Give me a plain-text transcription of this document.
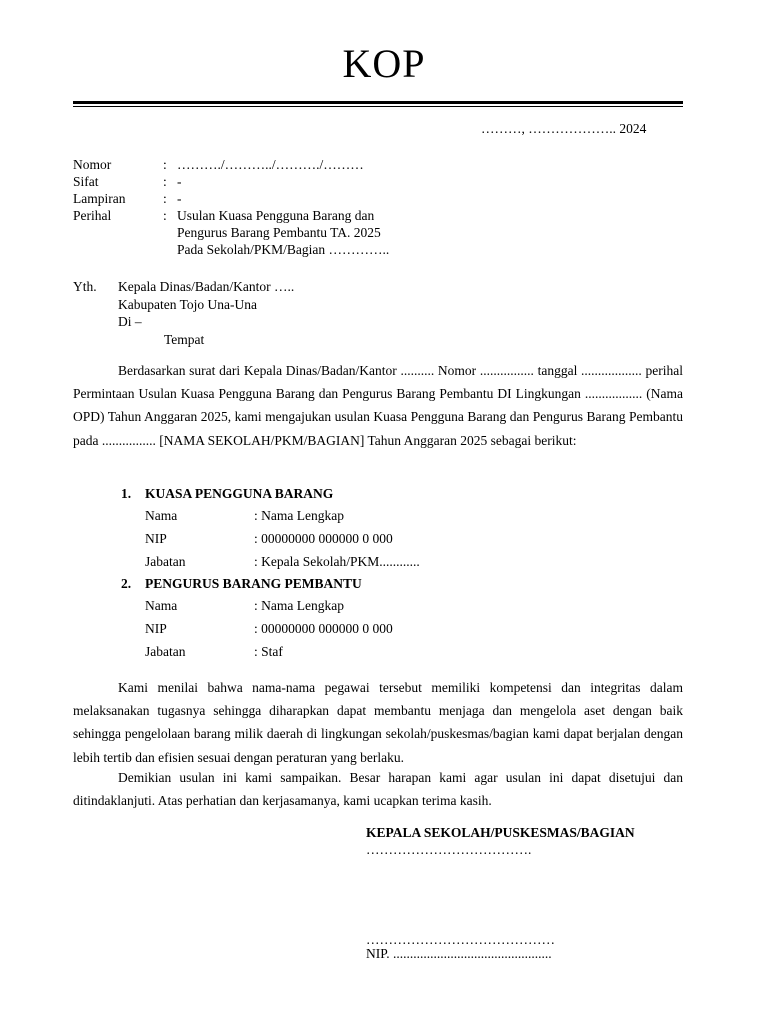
KOP
………, ……………….. 2024
Nomor	: ………./………../………./………
Sifat	: -
Lampiran	: -
Perihal	: Usulan Kuasa Pengguna Barang dan
Pengurus Barang Pembantu TA. 2025
Pada Sekolah/PKM/Bagian …………..
Yth. Kepala Dinas/Badan/Kantor …..
Kabupaten Tojo Una-Una
Di –
Tempat
Berdasarkan surat dari Kepala Dinas/Badan/Kantor .......... Nomor ................ tanggal .................. perihal Permintaan Usulan Kuasa Pengguna Barang dan Pengurus Barang Pembantu DI Lingkungan ................. (Nama OPD) Tahun Anggaran 2025, kami mengajukan usulan Kuasa Pengguna Barang dan Pengurus Barang Pembantu pada ................ [NAMA SEKOLAH/PKM/BAGIAN] Tahun Anggaran 2025 sebagai berikut:
1. KUASA PENGGUNA BARANG
Nama	: Nama Lengkap
NIP	: 00000000 000000 0 000
Jabatan	: Kepala Sekolah/PKM............
2. PENGURUS BARANG PEMBANTU
Nama	: Nama Lengkap
NIP	: 00000000 000000 0 000
Jabatan	: Staf
Kami menilai bahwa nama-nama pegawai tersebut memiliki kompetensi dan integritas dalam melaksanakan tugasnya sehingga diharapkan dapat membantu menjaga dan mengelola aset dengan baik sehingga pengelolaan barang milik daerah di lingkungan sekolah/puskesmas/bagian kami dapat berjalan dengan lebih tertib dan efisien sesuai dengan peraturan yang berlaku.
Demikian usulan ini kami sampaikan. Besar harapan kami agar usulan ini dapat disetujui dan ditindaklanjuti. Atas perhatian dan kerjasamanya, kami ucapkan terima kasih.
KEPALA SEKOLAH/PUSKESMAS/BAGIAN
……………………………….
……………………………………
NIP. ...............................................
